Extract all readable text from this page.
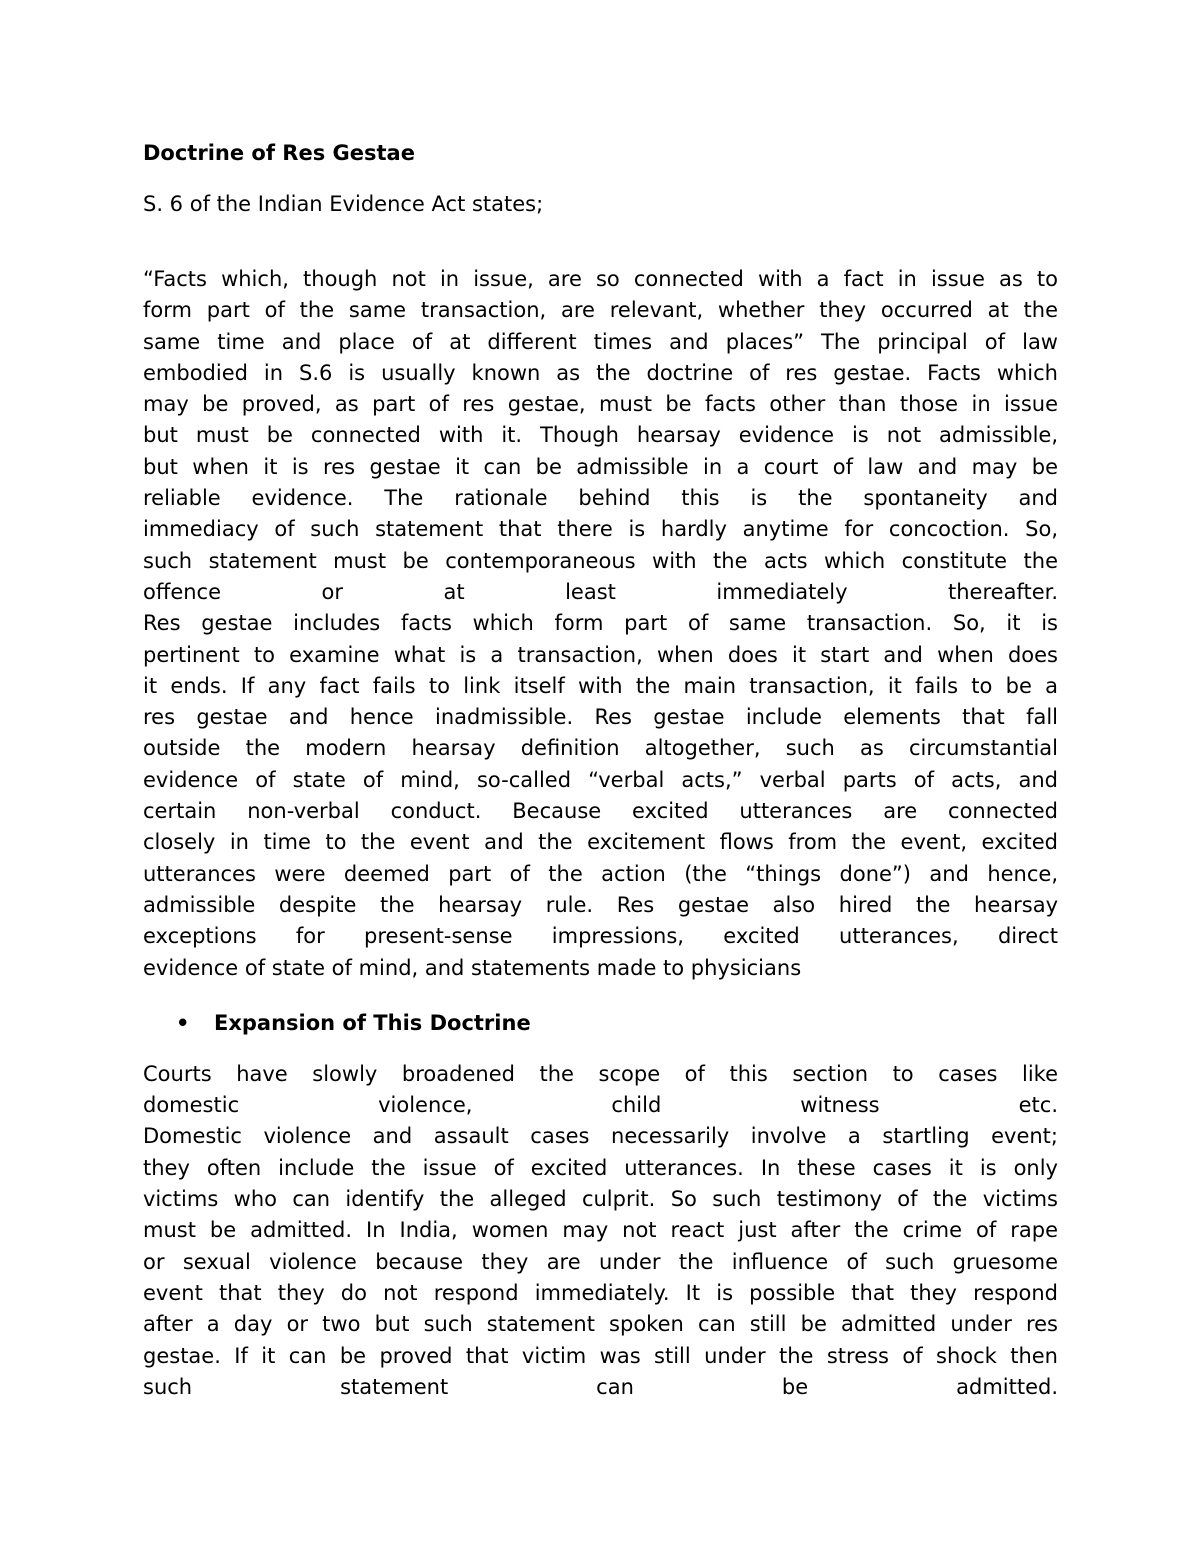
Doctrine of Res Gestae
S. 6 of the Indian Evidence Act states;
“Facts which, though not in issue, are so connected with a fact in issue as to
form part of the same transaction, are relevant, whether they occurred at the
same time and place of at different times and places” The principal of law
embodied in S.6 is usually known as the doctrine of res gestae. Facts which
may be proved, as part of res gestae, must be facts other than those in issue
but must be connected with it. Though hearsay evidence is not admissible,
but when it is res gestae it can be admissible in a court of law and may be
reliable evidence. The rationale behind this is the spontaneity and
immediacy of such statement that there is hardly anytime for concoction. So,
such statement must be contemporaneous with the acts which constitute the
offence or at least immediately thereafter.
Res gestae includes facts which form part of same transaction. So, it is
pertinent to examine what is a transaction, when does it start and when does
it ends. If any fact fails to link itself with the main transaction, it fails to be a
res gestae and hence inadmissible. Res gestae include elements that fall
outside the modern hearsay definition altogether, such as circumstantial
evidence of state of mind, so-called “verbal acts,” verbal parts of acts, and
certain non-verbal conduct. Because excited utterances are connected
closely in time to the event and the excitement flows from the event, excited
utterances were deemed part of the action (the “things done”) and hence,
admissible despite the hearsay rule. Res gestae also hired the hearsay
exceptions for present-sense impressions, excited utterances, direct
evidence of state of mind, and statements made to physicians
• Expansion of This Doctrine
Courts have slowly broadened the scope of this section to cases like
domestic violence, child witness etc.
Domestic violence and assault cases necessarily involve a startling event;
they often include the issue of excited utterances. In these cases it is only
victims who can identify the alleged culprit. So such testimony of the victims
must be admitted. In India, women may not react just after the crime of rape
or sexual violence because they are under the influence of such gruesome
event that they do not respond immediately. It is possible that they respond
after a day or two but such statement spoken can still be admitted under res
gestae. If it can be proved that victim was still under the stress of shock then
such statement can be admitted.
